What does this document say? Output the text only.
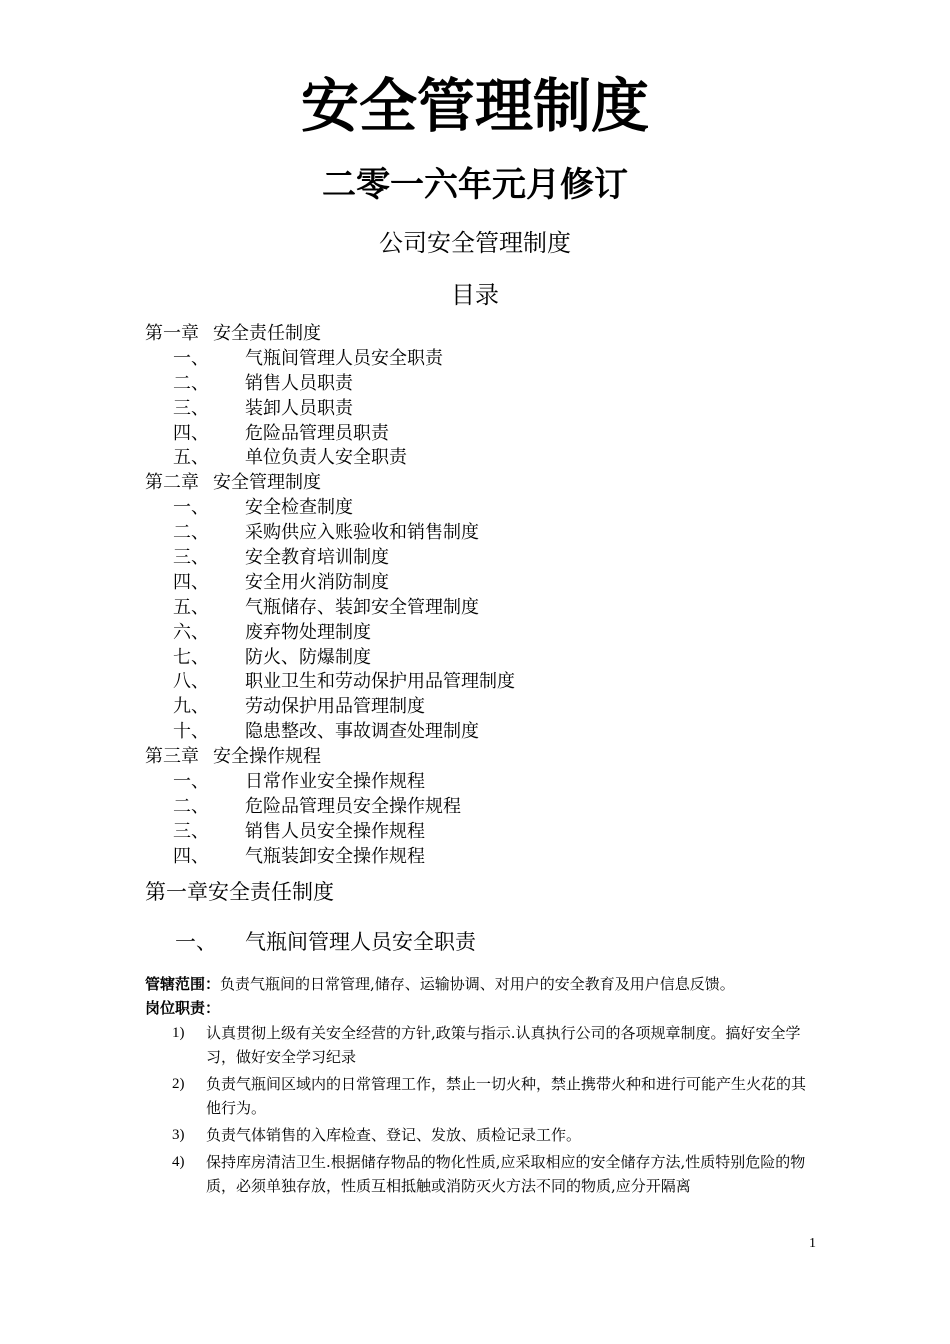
安全管理制度
二零一六年元月修订
公司安全管理制度
目录
第一章 安全责任制度
一、 气瓶间管理人员安全职责
二、 销售人员职责
三、 装卸人员职责
四、 危险品管理员职责
五、 单位负责人安全职责
第二章 安全管理制度
一、 安全检查制度
二、 采购供应入账验收和销售制度
三、 安全教育培训制度
四、 安全用火消防制度
五、 气瓶储存、装卸安全管理制度
六、 废弃物处理制度
七、 防火、防爆制度
八、 职业卫生和劳动保护用品管理制度
九、 劳动保护用品管理制度
十、 隐患整改、事故调查处理制度
第三章 安全操作规程
一、 日常作业安全操作规程
二、 危险品管理员安全操作规程
三、 销售人员安全操作规程
四、 气瓶装卸安全操作规程
第一章安全责任制度
一、 气瓶间管理人员安全职责
管辖范围：负责气瓶间的日常管理,储存、运输协调、对用户的安全教育及用户信息反馈。
岗位职责：
1) 认真贯彻上级有关安全经营的方针,政策与指示.认真执行公司的各项规章制度。搞好安全学习，做好安全学习纪录
2) 负责气瓶间区域内的日常管理工作，禁止一切火种，禁止携带火种和进行可能产生火花的其他行为。
3) 负责气体销售的入库检查、登记、发放、质检记录工作。
4) 保持库房清洁卫生.根据储存物品的物化性质,应采取相应的安全储存方法,性质特别危险的物质，必须单独存放，性质互相抵触或消防灭火方法不同的物质,应分开隔离
1
